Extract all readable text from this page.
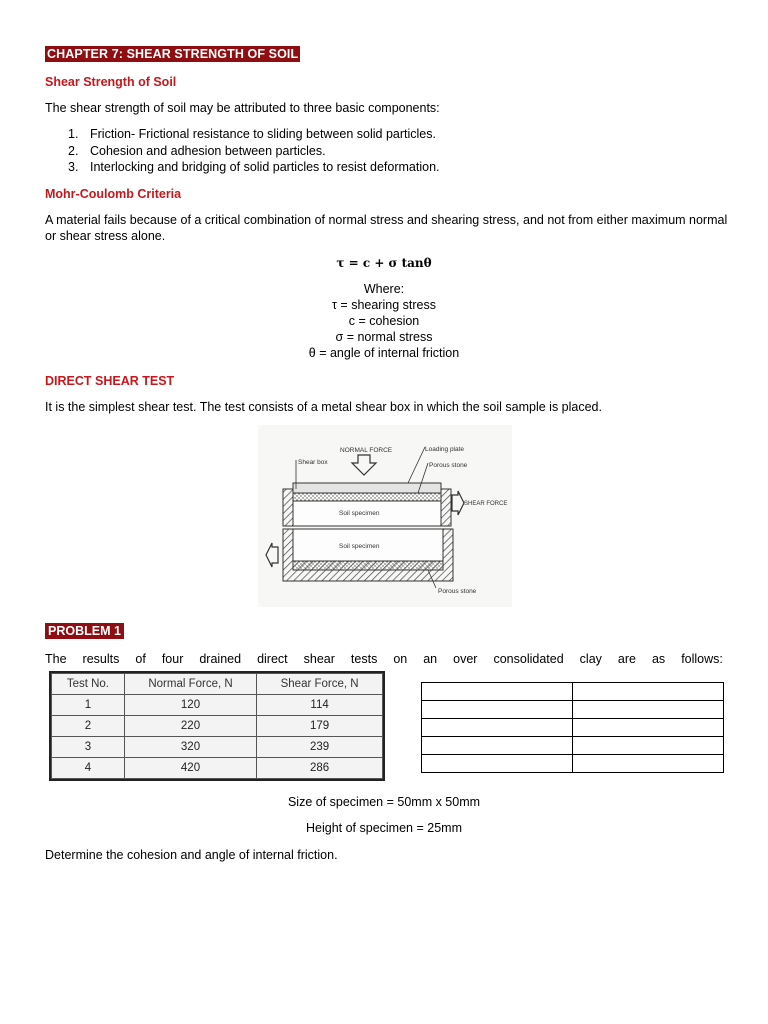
CHAPTER 7: SHEAR STRENGTH OF SOIL
Shear Strength of Soil
The shear strength of soil may be attributed to three basic components:
1. Friction- Frictional resistance to sliding between solid particles.
2. Cohesion and adhesion between particles.
3. Interlocking and bridging of solid particles to resist deformation.
Mohr-Coulomb Criteria
A material fails because of a critical combination of normal stress and shearing stress, and not from either maximum normal
or shear stress alone.
τ = c + σ tanθ
Where:
τ = shearing stress
c = cohesion
σ = normal stress
θ = angle of internal friction
DIRECT SHEAR TEST
It is the simplest shear test. The test consists of a metal shear box in which the soil sample is placed.
NORMAL FORCE	Loading plate
Shear box	Porous stone
SHEAR FORCE
Soil specimen
Soil specimen
Porous stone
PROBLEM 1
The results of four drained direct shear tests on an over consolidated clay are as follows:
Test No.	Normal Force, N	Shear Force, N
1	120	114
2	220	179
3	320	239
4	420	286

Size of specimen = 50mm x 50mm
Height of specimen = 25mm
Determine the cohesion and angle of internal friction.
